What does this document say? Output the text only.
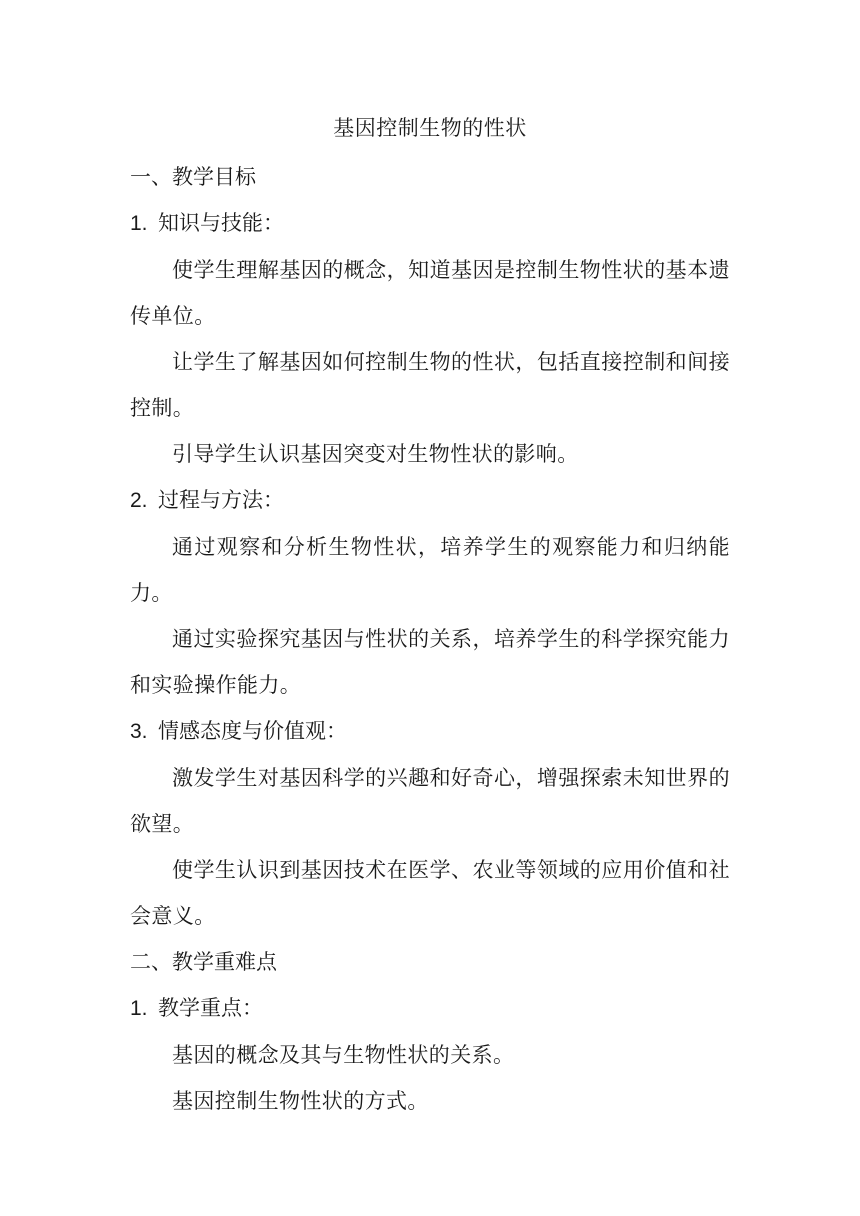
基因控制生物的性状
一、教学目标
1. 知识与技能：

使学生理解基因的概念，知道基因是控制生物性状的基本遗传单位。

让学生了解基因如何控制生物的性状，包括直接控制和间接控制。

引导学生认识基因突变对生物性状的影响。

2. 过程与方法：

通过观察和分析生物性状，培养学生的观察能力和归纳能力。

通过实验探究基因与性状的关系，培养学生的科学探究能力和实验操作能力。

3. 情感态度与价值观：

激发学生对基因科学的兴趣和好奇心，增强探索未知世界的欲望。

使学生认识到基因技术在医学、农业等领域的应用价值和社会意义。

二、教学重难点
1. 教学重点：

基因的概念及其与生物性状的关系。

基因控制生物性状的方式。
